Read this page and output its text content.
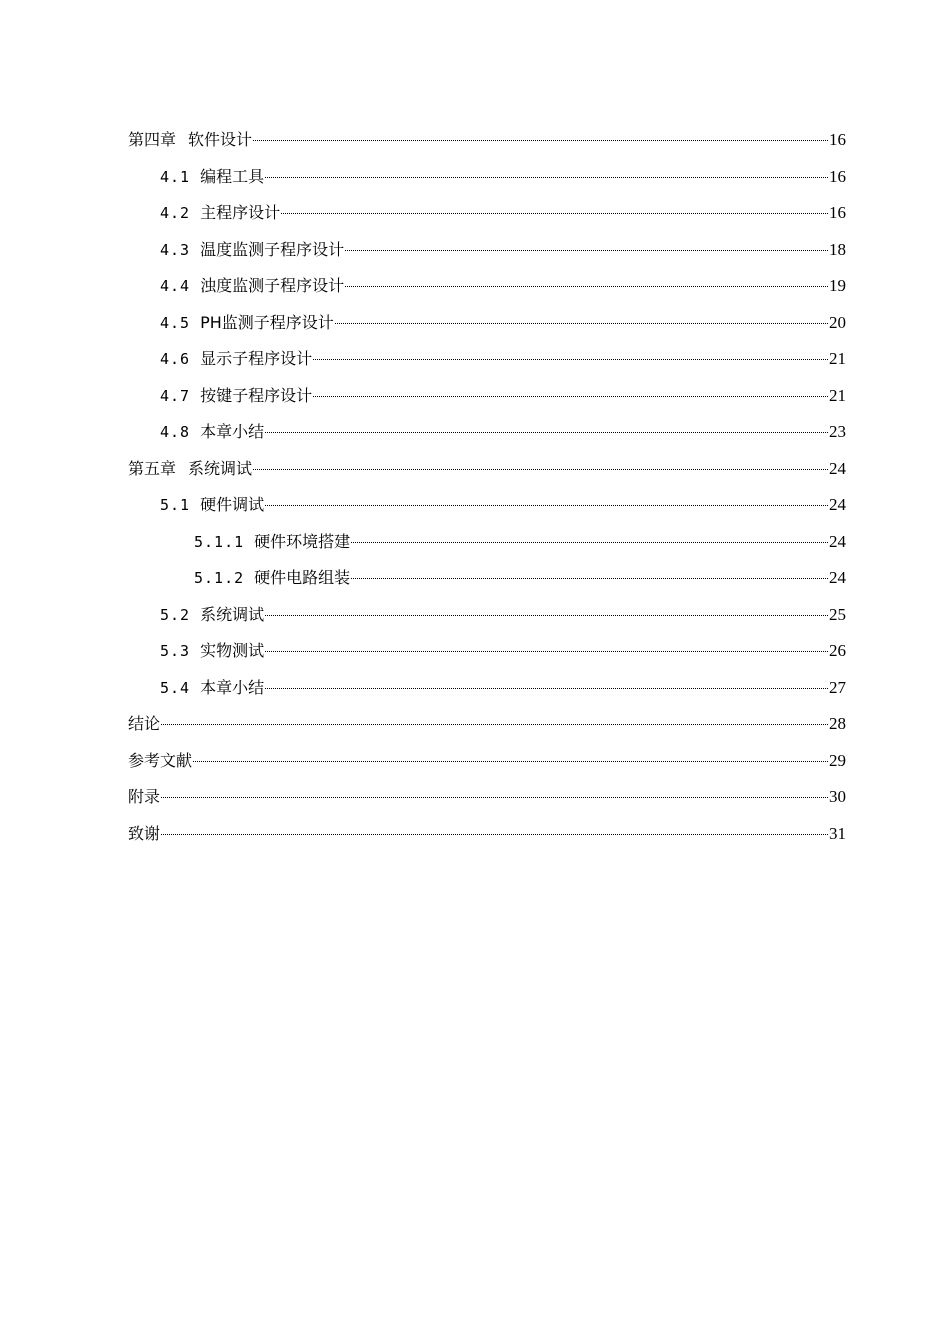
第四章 软件设计	16
4.1 编程工具	16
4.2 主程序设计	16
4.3 温度监测子程序设计	18
4.4 浊度监测子程序设计	19
4.5 PH监测子程序设计	20
4.6 显示子程序设计	21
4.7 按键子程序设计	21
4.8 本章小结	23
第五章 系统调试	24
5.1 硬件调试	24
5.1.1 硬件环境搭建	24
5.1.2 硬件电路组装	24
5.2 系统调试	25
5.3 实物测试	26
5.4 本章小结	27
结论	28
参考文献	29
附录	30
致谢	31
